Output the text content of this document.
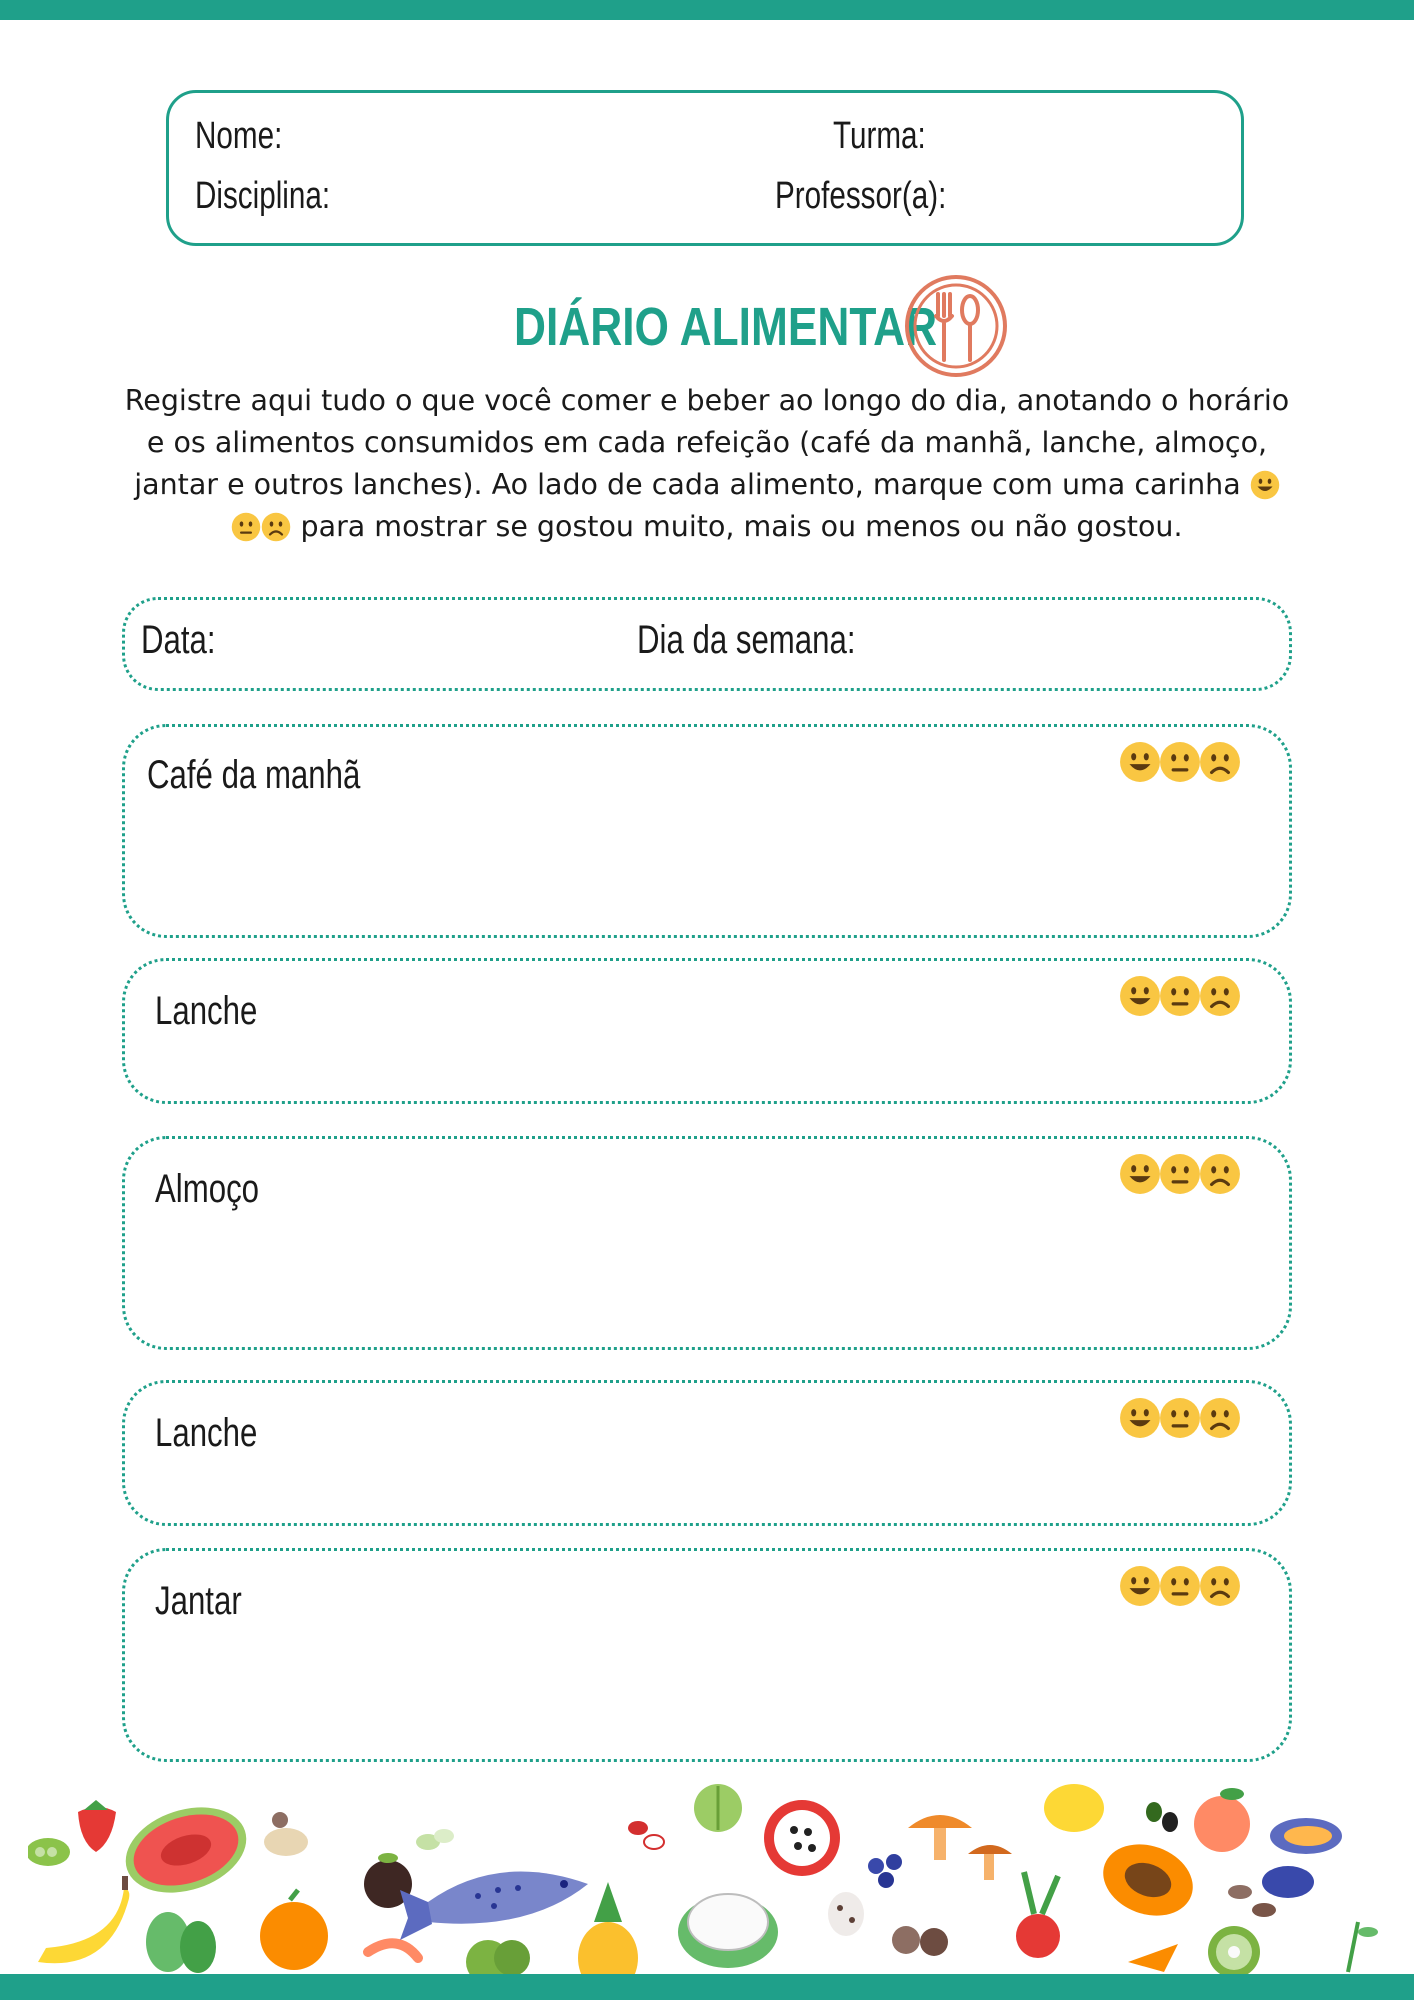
Nome:	Turma:
Disciplina:	Professor(a):
DIÁRIO ALIMENTAR
Registre aqui tudo o que você comer e beber ao longo do dia, anotando o horário
e os alimentos consumidos em cada refeição (café da manhã, lanche, almoço,
jantar e outros lanches). Ao lado de cada alimento, marque com uma carinha
para mostrar se gostou muito, mais ou menos ou não gostou.
Data:	Dia da semana:
Café da manhã
Lanche
Almoço
Lanche
Jantar
